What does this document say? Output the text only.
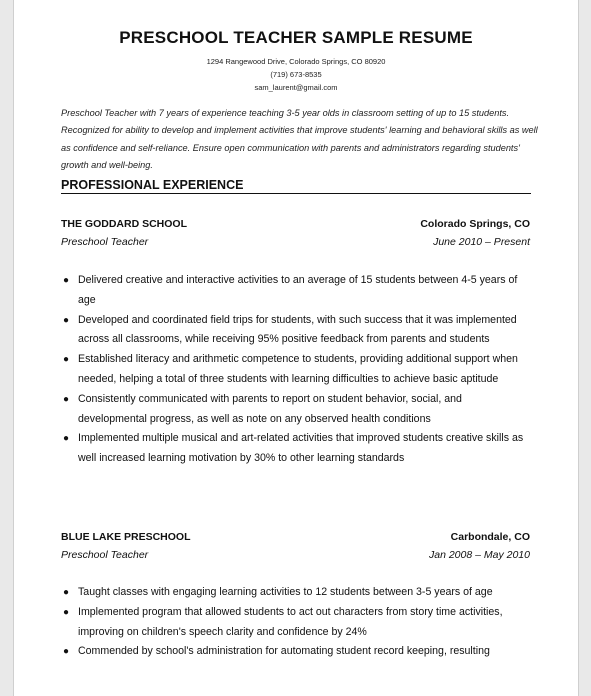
PRESCHOOL TEACHER SAMPLE RESUME
1294 Rangewood Drive, Colorado Springs, CO 80920
(719) 673-8535
sam_laurent@gmail.com
Preschool Teacher with 7 years of experience teaching 3-5 year olds in classroom setting of up to 15 students. Recognized for ability to develop and implement activities that improve students' learning and behavioral skills as well as confidence and self-reliance. Ensure open communication with parents and administrators regarding students' growth and well-being.
PROFESSIONAL EXPERIENCE
THE GODDARD SCHOOL	Colorado Springs, CO
Preschool Teacher	June 2010 – Present
● Delivered creative and interactive activities to an average of 15 students between 4-5 years of age
● Developed and coordinated field trips for students, with such success that it was implemented across all classrooms, while receiving 95% positive feedback from parents and students
● Established literacy and arithmetic competence to students, providing additional support when needed, helping a total of three students with learning difficulties to achieve basic aptitude
● Consistently communicated with parents to report on student behavior, social, and developmental progress, as well as note on any observed health conditions
● Implemented multiple musical and art-related activities that improved students creative skills as well increased learning motivation by 30% to other learning standards
BLUE LAKE PRESCHOOL	Carbondale, CO
Preschool Teacher	Jan 2008 – May 2010
● Taught classes with engaging learning activities to 12 students between 3-5 years of age
● Implemented program that allowed students to act out characters from story time activities, improving on children's speech clarity and confidence by 24%
● Commended by school's administration for automating student record keeping, resulting
